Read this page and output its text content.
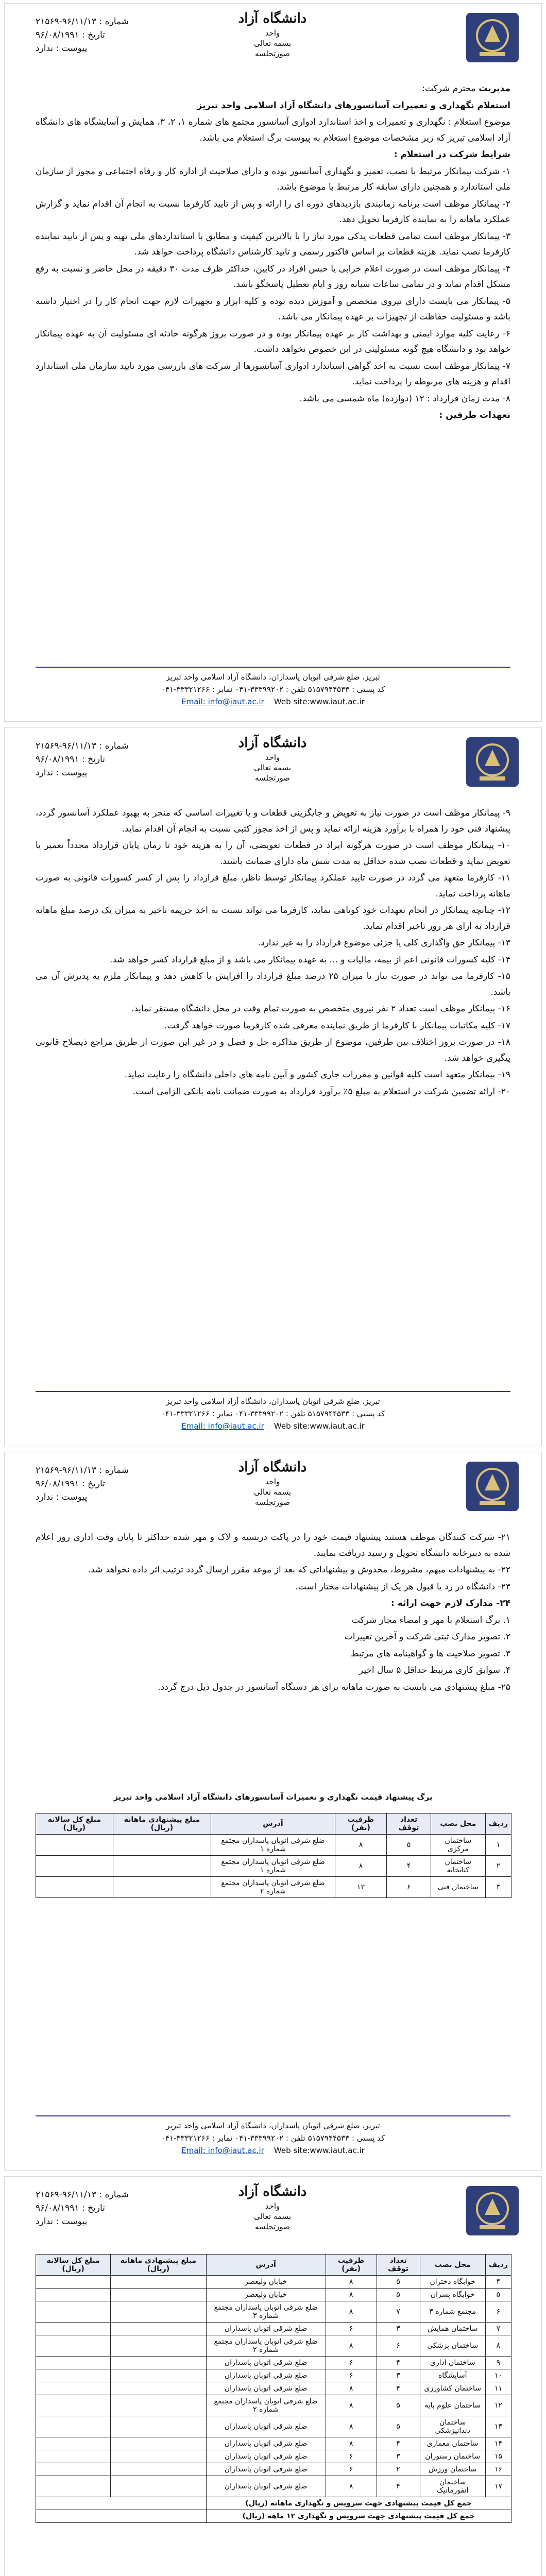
شماره : ۹۶/۱۱/۱۳-۲۱۵۶۹
تاریخ : ۹۶/۰۸/۱۹۹۱
پیوست : ندارد
دانشگاه آزاد
واحد
بسمه تعالی
صورتجلسه

مدیریت محترم شرکت:

استعلام نگهداری و تعمیرات آسانسورهای دانشگاه آزاد اسلامی واحد تبریز

موضوع استعلام : نگهداری و تعمیرات و اخذ استاندارد ادواری آسانسور مجتمع های شماره ۱، ۲، ۳، همایش و آسایشگاه های دانشگاه آزاد اسلامی تبریز که زیر مشخصات موضوع استعلام به پیوست برگ استعلام می باشد.

شرایط شرکت در استعلام :

۱- شرکت پیمانکار مرتبط با نصب، تعمیر و نگهداری آسانسور بوده و دارای صلاحیت از اداره کار و رفاه اجتماعی و مجوز از سازمان ملی استاندارد و همچنین دارای سابقه کار مرتبط با موضوع باشد.

۲- پیمانکار موظف است برنامه زمانبندی بازدیدهای دوره ای را ارائه و پس از تایید کارفرما نسبت به انجام آن اقدام نماید و گزارش عملکرد ماهانه را به نماینده کارفرما تحویل دهد.

۳- پیمانکار موظف است تمامی قطعات یدکی مورد نیاز را با بالاترین کیفیت و مطابق با استانداردهای ملی تهیه و پس از تایید نماینده کارفرما نصب نماید. هزینه قطعات بر اساس فاکتور رسمی و تایید کارشناس دانشگاه پرداخت خواهد شد.

۴- پیمانکار موظف است در صورت اعلام خرابی یا حبس افراد در کابین، حداکثر ظرف مدت ۳۰ دقیقه در محل حاضر و نسبت به رفع مشکل اقدام نماید و در تمامی ساعات شبانه روز و ایام تعطیل پاسخگو باشد.

۵- پیمانکار می بایست دارای نیروی متخصص و آموزش دیده بوده و کلیه ابزار و تجهیزات لازم جهت انجام کار را در اختیار داشته باشد و مسئولیت حفاظت از تجهیزات بر عهده پیمانکار می باشد.

۶- رعایت کلیه موارد ایمنی و بهداشت کار بر عهده پیمانکار بوده و در صورت بروز هرگونه حادثه ای مسئولیت آن به عهده پیمانکار خواهد بود و دانشگاه هیچ گونه مسئولیتی در این خصوص نخواهد داشت.

۷- پیمانکار موظف است نسبت به اخذ گواهی استاندارد ادواری آسانسورها از شرکت های بازرسی مورد تایید سازمان ملی استاندارد اقدام و هزینه های مربوطه را پرداخت نماید.

۸- مدت زمان قرارداد : ۱۲ (دوازده) ماه شمسی می باشد.

تعهدات طرفین :

تبریز، ضلع شرقی اتوبان پاسداران، دانشگاه آزاد اسلامی واحد تبریز
کد پستی : ۵۱۵۷۹۴۴۵۳۳ تلفن : ۳۳۳۹۹۲۰۲-۰۴۱ نمابر : ۳۳۳۲۱۲۶۶-۰۴۱
Email: info@iaut.ac.ir Web site:www.iaut.ac.ir
شماره : ۹۶/۱۱/۱۳-۲۱۵۶۹
تاریخ : ۹۶/۰۸/۱۹۹۱
پیوست : ندارد
دانشگاه آزاد
واحد
بسمه تعالی
صورتجلسه

۹- پیمانکار موظف است در صورت نیاز به تعویض و جایگزینی قطعات و یا تغییرات اساسی که منجر به بهبود عملکرد آسانسور گردد، پیشنهاد فنی خود را همراه با برآورد هزینه ارائه نماید و پس از اخذ مجوز کتبی نسبت به انجام آن اقدام نماید.

۱۰- پیمانکار موظف است در صورت هرگونه ایراد در قطعات تعویضی، آن را به هزینه خود تا زمان پایان قرارداد مجدداً تعمیر یا تعویض نماید و قطعات نصب شده حداقل به مدت شش ماه دارای ضمانت باشند.

۱۱- کارفرما متعهد می گردد در صورت تایید عملکرد پیمانکار توسط ناظر، مبلغ قرارداد را پس از کسر کسورات قانونی به صورت ماهانه پرداخت نماید.

۱۲- چنانچه پیمانکار در انجام تعهدات خود کوتاهی نماید، کارفرما می تواند نسبت به اخذ جریمه تاخیر به میزان یک درصد مبلغ ماهانه قرارداد به ازای هر روز تاخیر اقدام نماید.

۱۳- پیمانکار حق واگذاری کلی یا جزئی موضوع قرارداد را به غیر ندارد.

۱۴- کلیه کسورات قانونی اعم از بیمه، مالیات و ... به عهده پیمانکار می باشد و از مبلغ قرارداد کسر خواهد شد.

۱۵- کارفرما می تواند در صورت نیاز تا میزان ۲۵ درصد مبلغ قرارداد را افزایش یا کاهش دهد و پیمانکار ملزم به پذیرش آن می باشد.

۱۶- پیمانکار موظف است تعداد ۲ نفر نیروی متخصص به صورت تمام وقت در محل دانشگاه مستقر نماید.

۱۷- کلیه مکاتبات پیمانکار با کارفرما از طریق نماینده معرفی شده کارفرما صورت خواهد گرفت.

۱۸- در صورت بروز اختلاف بین طرفین، موضوع از طریق مذاکره حل و فصل و در غیر این صورت از طریق مراجع ذیصلاح قانونی پیگیری خواهد شد.

۱۹- پیمانکار متعهد است کلیه قوانین و مقررات جاری کشور و آیین نامه های داخلی دانشگاه را رعایت نماید.

۲۰- ارائه تضمین شرکت در استعلام به مبلغ ۵٪ برآورد قرارداد به صورت ضمانت نامه بانکی الزامی است.

تبریز، ضلع شرقی اتوبان پاسداران، دانشگاه آزاد اسلامی واحد تبریز
کد پستی : ۵۱۵۷۹۴۴۵۳۳ تلفن : ۳۳۳۹۹۲۰۲-۰۴۱ نمابر : ۳۳۳۲۱۲۶۶-۰۴۱
Email: info@iaut.ac.ir Web site:www.iaut.ac.ir
شماره : ۹۶/۱۱/۱۳-۲۱۵۶۹
تاریخ : ۹۶/۰۸/۱۹۹۱
پیوست : ندارد
دانشگاه آزاد
واحد
بسمه تعالی
صورتجلسه

۲۱- شرکت کنندگان موظف هستند پیشنهاد قیمت خود را در پاکت دربسته و لاک و مهر شده حداکثر تا پایان وقت اداری روز اعلام شده به دبیرخانه دانشگاه تحویل و رسید دریافت نمایند.

۲۲- به پیشنهادات مبهم، مشروط، مخدوش و پیشنهاداتی که بعد از موعد مقرر ارسال گردد ترتیب اثر داده نخواهد شد.

۲۳- دانشگاه در رد یا قبول هر یک از پیشنهادات مختار است.

۲۴- مدارک لازم جهت ارائه :

۱. برگ استعلام با مهر و امضاء مجاز شرکت

۲. تصویر مدارک ثبتی شرکت و آخرین تغییرات

۳. تصویر صلاحیت ها و گواهینامه های مرتبط

۴. سوابق کاری مرتبط حداقل ۵ سال اخیر

۲۵- مبلغ پیشنهادی می بایست به صورت ماهانه برای هر دستگاه آسانسور در جدول ذیل درج گردد.

برگ پیشنهاد قیمت نگهداری و تعمیرات آسانسورهای دانشگاه آزاد اسلامی واحد تبریز
ردیف	محل نصب	تعداد توقف	ظرفیت (نفر)	آدرس	مبلغ پیشنهادی ماهانه (ریال)	مبلغ کل سالانه (ریال)
۱	ساختمان مرکزی	۵	۸	ضلع شرقی اتوبان پاسداران مجتمع شماره ۱		
۲	ساختمان کتابخانه	۴	۸	ضلع شرقی اتوبان پاسداران مجتمع شماره ۱		
۳	ساختمان فنی	۶	۱۳	ضلع شرقی اتوبان پاسداران مجتمع شماره ۲		
تبریز، ضلع شرقی اتوبان پاسداران، دانشگاه آزاد اسلامی واحد تبریز
کد پستی : ۵۱۵۷۹۴۴۵۳۳ تلفن : ۳۳۳۹۹۲۰۲-۰۴۱ نمابر : ۳۳۳۲۱۲۶۶-۰۴۱
Email: info@iaut.ac.ir Web site:www.iaut.ac.ir
شماره : ۹۶/۱۱/۱۳-۲۱۵۶۹
تاریخ : ۹۶/۰۸/۱۹۹۱
پیوست : ندارد
دانشگاه آزاد
واحد
بسمه تعالی
صورتجلسه
ردیف	محل نصب	تعداد توقف	ظرفیت (نفر)	آدرس	مبلغ پیشنهادی ماهانه (ریال)	مبلغ کل سالانه (ریال)
۴	خوابگاه دختران	۵	۸	خیابان ولیعصر		
۵	خوابگاه پسران	۵	۸	خیابان ولیعصر		
۶	مجتمع شماره ۳	۷	۸	ضلع شرقی اتوبان پاسداران مجتمع شماره ۳		
۷	ساختمان همایش	۳	۶	ضلع شرقی اتوبان پاسداران		
۸	ساختمان پزشکی	۶	۸	ضلع شرقی اتوبان پاسداران مجتمع شماره ۲		
۹	ساختمان اداری	۴	۶	ضلع شرقی اتوبان پاسداران		
۱۰	آسایشگاه	۳	۶	ضلع شرقی اتوبان پاسداران		
۱۱	ساختمان کشاورزی	۴	۸	ضلع شرقی اتوبان پاسداران		
۱۲	ساختمان علوم پایه	۵	۸	ضلع شرقی اتوبان پاسداران مجتمع شماره ۲		
۱۳	ساختمان دندانپزشکی	۵	۸	ضلع شرقی اتوبان پاسداران		
۱۴	ساختمان معماری	۴	۸	ضلع شرقی اتوبان پاسداران		
۱۵	ساختمان رستوران	۳	۶	ضلع شرقی اتوبان پاسداران		
۱۶	ساختمان ورزش	۲	۶	ضلع شرقی اتوبان پاسداران		
۱۷	ساختمان انفورماتیک	۴	۸	ضلع شرقی اتوبان پاسداران		
جمع کل قیمت پیشنهادی جهت سرویس و نگهداری ماهانه (ریال)						
جمع کل قیمت پیشنهادی جهت سرویس و نگهداری ۱۲ ماهه (ریال)						
